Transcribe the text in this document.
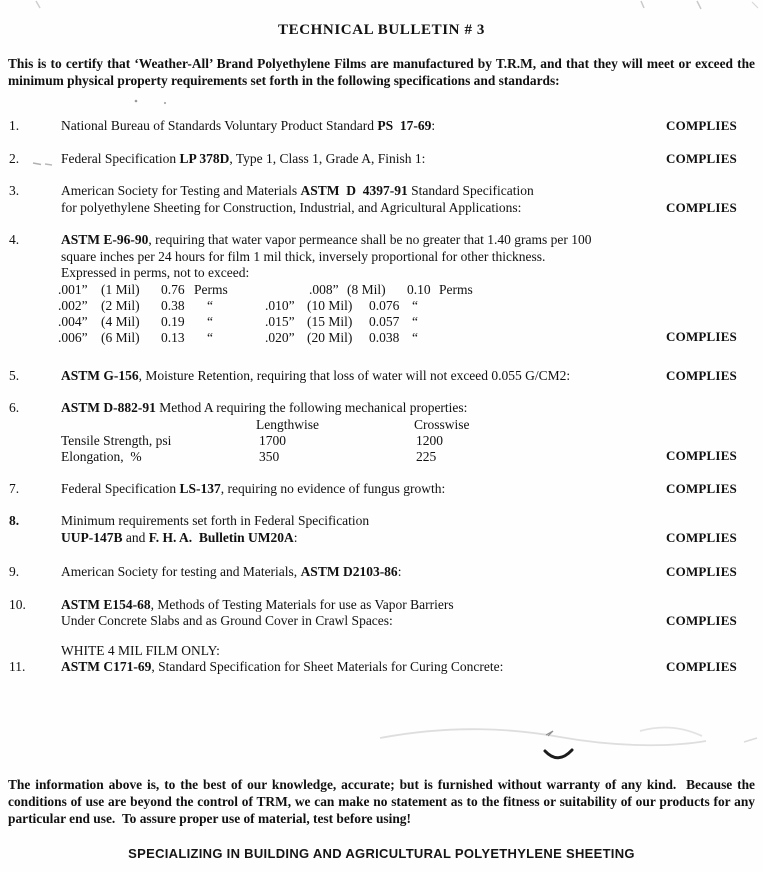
TECHNICAL BULLETIN # 3
This is to certify that ‘Weather-All’ Brand Polyethylene Films are manufactured by T.R.M, and that they will meet or exceed the minimum physical property requirements set forth in the following specifications and standards:
1.	National Bureau of Standards Voluntary Product Standard PS  17-69:	COMPLIES
2.	Federal Specification LP 378D, Type 1, Class 1, Grade A, Finish 1:	COMPLIES
3.	American Society for Testing and Materials ASTM  D  4397-91 Standard Specification
for polyethylene Sheeting for Construction, Industrial, and Agricultural Applications:	COMPLIES
4.	ASTM E-96-90, requiring that water vapor permeance shall be no greater that 1.40 grams per 100
square inches per 24 hours for film 1 mil thick, inversely proportional for other thickness.
Expressed in perms, not to exceed:
.001” (1 Mil) 0.76 Perms	.008” (8 Mil) 0.10 Perms
.002” (2 Mil) 0.38 “	.010” (10 Mil) 0.076 “
.004” (4 Mil) 0.19 “	.015” (15 Mil) 0.057 “
.006” (6 Mil) 0.13 “	.020” (20 Mil) 0.038 “	COMPLIES
5.	ASTM G-156, Moisture Retention, requiring that loss of water will not exceed 0.055 G/CM2:	COMPLIES
6.	ASTM D-882-91 Method A requiring the following mechanical properties:
Lengthwise	Crosswise
Tensile Strength, psi	1700	1200
Elongation,  %	350	225	COMPLIES
7.	Federal Specification LS-137, requiring no evidence of fungus growth:	COMPLIES
8.	Minimum requirements set forth in Federal Specification
UUP-147B and F. H. A.  Bulletin UM20A:	COMPLIES
9.	American Society for testing and Materials, ASTM D2103-86:	COMPLIES
10.	ASTM E154-68, Methods of Testing Materials for use as Vapor Barriers
Under Concrete Slabs and as Ground Cover in Crawl Spaces:	COMPLIES
WHITE 4 MIL FILM ONLY:
11.	ASTM C171-69, Standard Specification for Sheet Materials for Curing Concrete:	COMPLIES
The information above is, to the best of our knowledge, accurate; but is furnished without warranty of any kind.  Because the conditions of use are beyond the control of TRM, we can make no statement as to the fitness or suitability of our products for any particular end use.  To assure proper use of material, test before using!
SPECIALIZING IN BUILDING AND AGRICULTURAL POLYETHYLENE SHEETING
